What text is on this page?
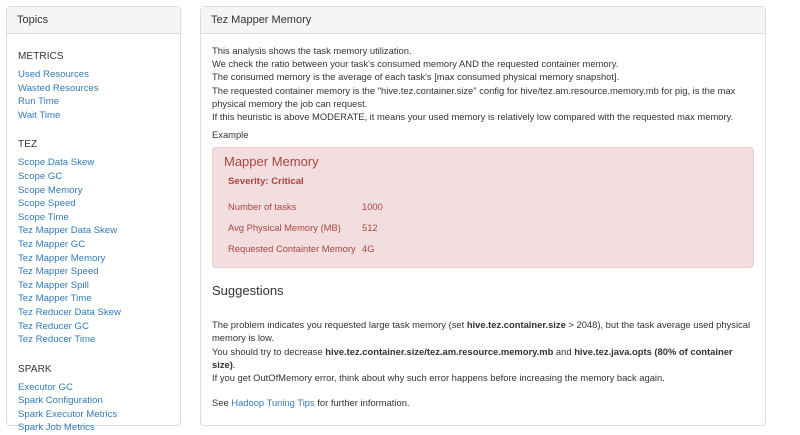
Topics
METRICS
Used Resources
Wasted Resources
Run Time
Wait Time
TEZ
Scope Data Skew
Scope GC
Scope Memory
Scope Speed
Scope Time
Tez Mapper Data Skew
Tez Mapper GC
Tez Mapper Memory
Tez Mapper Speed
Tez Mapper Spill
Tez Mapper Time
Tez Reducer Data Skew
Tez Reducer GC
Tez Reducer Time
SPARK
Executor GC
Spark Configuration
Spark Executor Metrics
Spark Job Metrics
Tez Mapper Memory

This analysis shows the task memory utilization.

We check the ratio between your task's consumed memory AND the requested container memory.

The consumed memory is the average of each task's [max consumed physical memory snapshot].

The requested container memory is the "hive.tez.container.size" config for hive/tez.am.resource.memory.mb for pig, is the max physical memory the job can request.

If this heuristic is above MODERATE, it means your used memory is relatively low compared with the requested max memory.

Example
Mapper Memory
Severity: Critical
Number of tasks	1000
Avg Physical Memory (MB)	512
Requested Containter Memory 4G
Suggestions

The problem indicates you requested large task memory (set hive.tez.container.size > 2048), but the task average used physical memory is low.

You should try to decrease hive.tez.container.size/tez.am.resource.memory.mb and hive.tez.java.opts (80% of container size).

If you get OutOfMemory error, think about why such error happens before increasing the memory back again.

See Hadoop Tuning Tips for further information.
